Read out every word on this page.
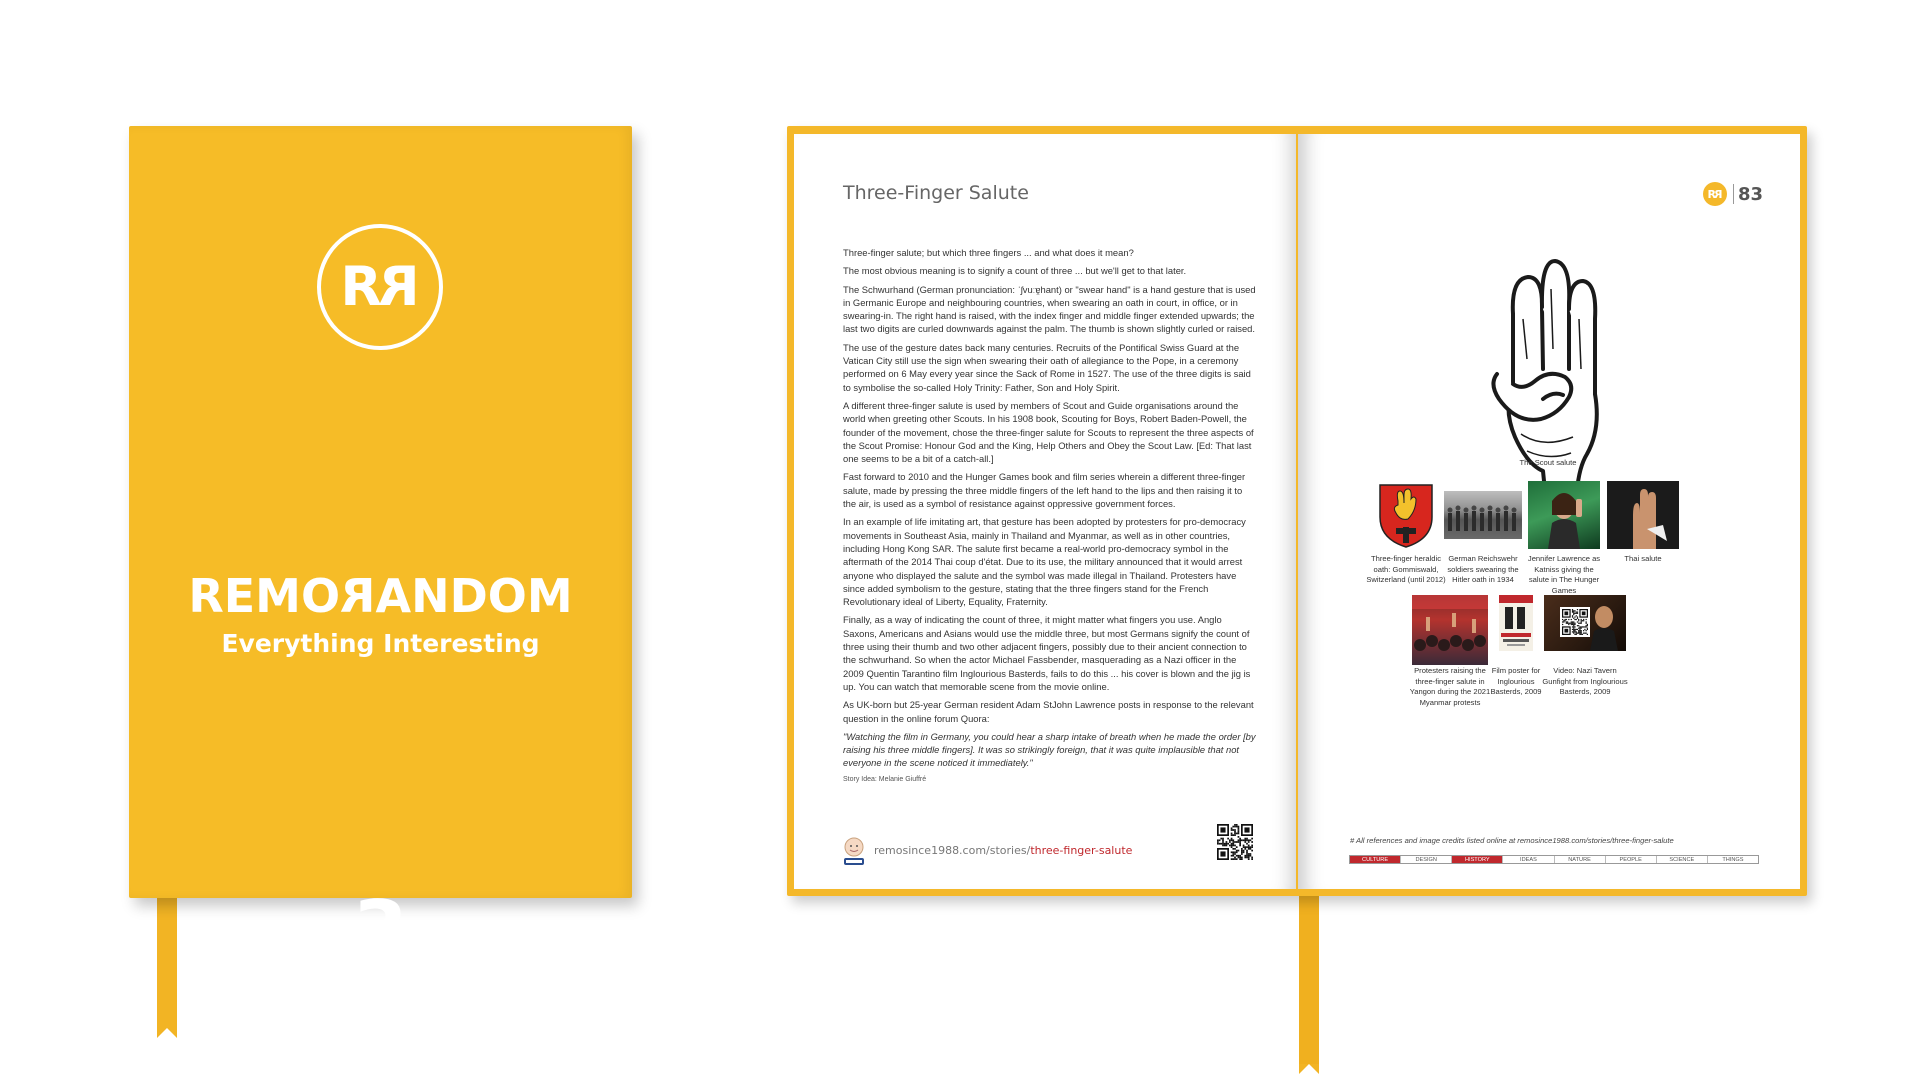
R R
REMORANDOM
Everything Interesting
3
Three-Finger Salute

Three-finger salute; but which three fingers ... and what does it mean?

The most obvious meaning is to signify a count of three ... but we'll get to that later.

The Schwurhand (German pronunciation: ˈʃvuːɐ̯hant) or "swear hand" is a hand gesture that is used in Germanic Europe and neighbouring countries, when swearing an oath in court, in office, or in swearing-in. The right hand is raised, with the index finger and middle finger extended upwards; the last two digits are curled downwards against the palm. The thumb is shown slightly curled or raised.

The use of the gesture dates back many centuries. Recruits of the Pontifical Swiss Guard at the Vatican City still use the sign when swearing their oath of allegiance to the Pope, in a ceremony performed on 6 May every year since the Sack of Rome in 1527. The use of the three digits is said to symbolise the so-called Holy Trinity: Father, Son and Holy Spirit.

A different three-finger salute is used by members of Scout and Guide organisations around the world when greeting other Scouts. In his 1908 book, Scouting for Boys, Robert Baden-Powell, the founder of the movement, chose the three-finger salute for Scouts to represent the three aspects of the Scout Promise: Honour God and the King, Help Others and Obey the Scout Law. [Ed: That last one seems to be a bit of a catch-all.]

Fast forward to 2010 and the Hunger Games book and film series wherein a different three-finger salute, made by pressing the three middle fingers of the left hand to the lips and then raising it to the air, is used as a symbol of resistance against oppressive government forces.

In an example of life imitating art, that gesture has been adopted by protesters for pro-democracy movements in Southeast Asia, mainly in Thailand and Myanmar, as well as in other countries, including Hong Kong SAR. The salute first became a real-world pro-democracy symbol in the aftermath of the 2014 Thai coup d'état. Due to its use, the military announced that it would arrest anyone who displayed the salute and the symbol was made illegal in Thailand. Protesters have since added symbolism to the gesture, stating that the three fingers stand for the French Revolutionary ideal of Liberty, Equality, Fraternity.

Finally, as a way of indicating the count of three, it might matter what fingers you use. Anglo Saxons, Americans and Asians would use the middle three, but most Germans signify the count of three using their thumb and two other adjacent fingers, possibly due to their ancient connection to the schwurhand. So when the actor Michael Fassbender, masquerading as a Nazi officer in the 2009 Quentin Tarantino film Inglourious Basterds, fails to do this ... his cover is blown and the jig is up. You can watch that memorable scene from the movie online.

As UK-born but 25-year German resident Adam StJohn Lawrence posts in response to the relevant question in the online forum Quora:

"Watching the film in Germany, you could hear a sharp intake of breath when he made the order [by raising his three middle fingers]. It was so strikingly foreign, that it was quite implausible that not everyone in the scene noticed it immediately."

Story Idea: Melanie Giuffré
remosince1988.com/stories/three-finger-salute
R R 83
The Scout salute
Three-finger heraldic oath: Gommiswald, Switzerland (until 2012)
German Reichswehr soldiers swearing the Hitler oath in 1934
Jennifer Lawrence as Katniss giving the salute in The Hunger Games
Thai salute
Protesters raising the three-finger salute in Yangon during the 2021 Myanmar protests
Film poster for Inglourious Basterds, 2009
Video: Nazi Tavern Gunfight from Inglourious Basterds, 2009
# All references and image credits listed online at remosince1988.com/stories/three-finger-salute
CULTURE	DESIGN	HISTORY	IDEAS	NATURE	PEOPLE	SCIENCE	THINGS
